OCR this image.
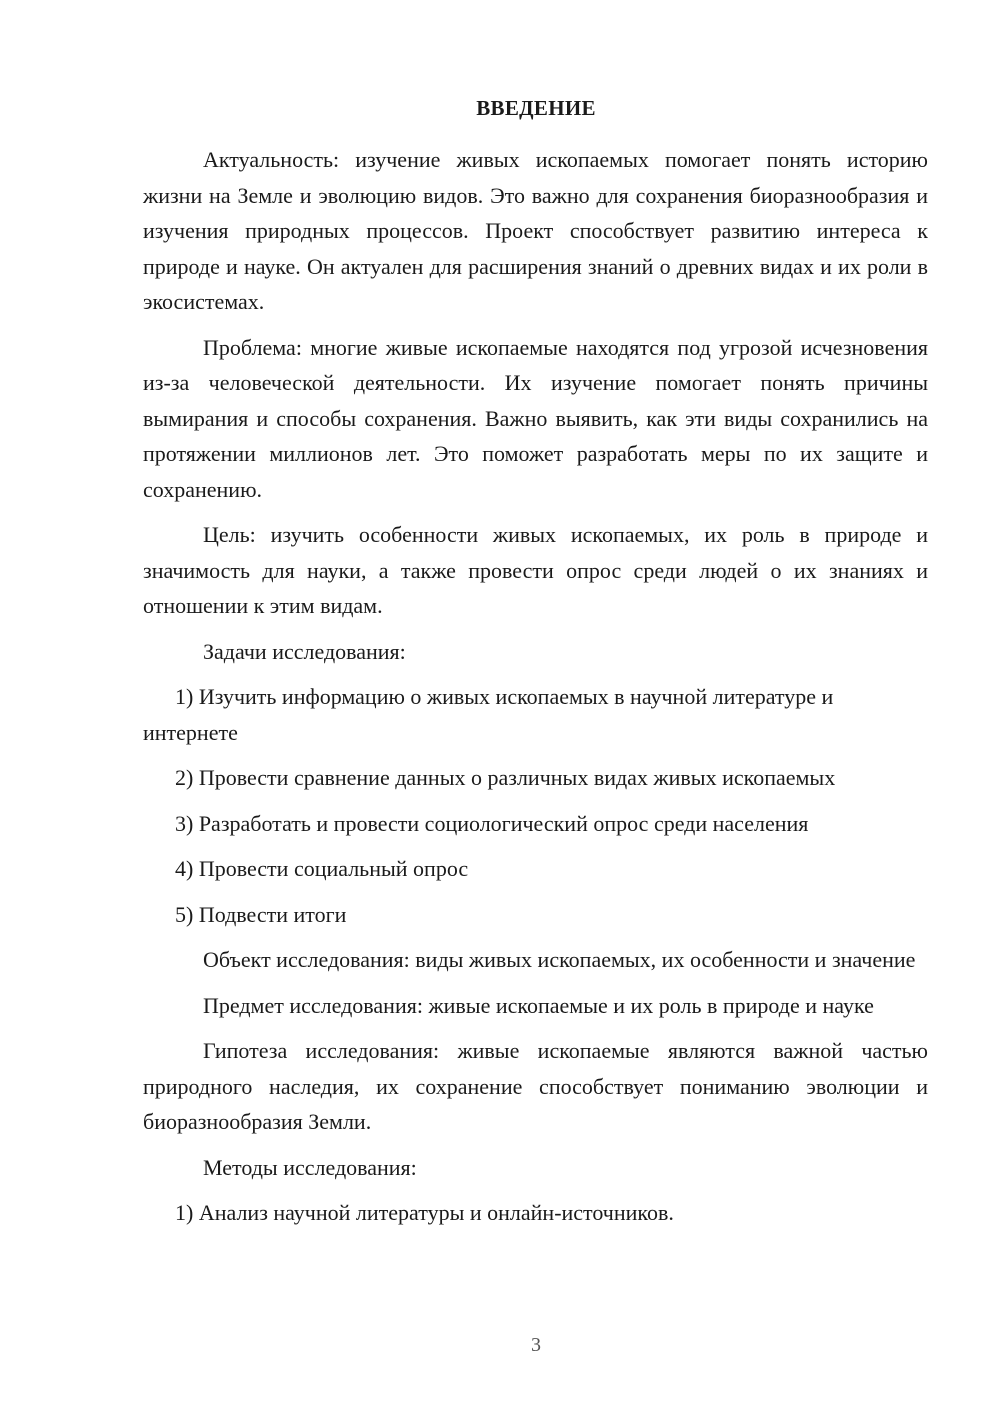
ВВЕДЕНИЕ

Актуальность: изучение живых ископаемых помогает понять историю жизни на Земле и эволюцию видов. Это важно для сохранения биоразнообразия и изучения природных процессов. Проект способствует развитию интереса к природе и науке. Он актуален для расширения знаний о древних видах и их роли в экосистемах.

Проблема: многие живые ископаемые находятся под угрозой исчезновения из-за человеческой деятельности. Их изучение помогает понять причины вымирания и способы сохранения. Важно выявить, как эти виды сохранились на протяжении миллионов лет. Это поможет разработать меры по их защите и сохранению.

Цель: изучить особенности живых ископаемых, их роль в природе и значимость для науки, а также провести опрос среди людей о их знаниях и отношении к этим видам.

Задачи исследования:

1) Изучить информацию о живых ископаемых в научной литературе и интернете

2) Провести сравнение данных о различных видах живых ископаемых

3) Разработать и провести социологический опрос среди населения

4) Провести социальный опрос

5) Подвести итоги

Объект исследования: виды живых ископаемых, их особенности и значение

Предмет исследования: живые ископаемые и их роль в природе и науке

Гипотеза исследования: живые ископаемые являются важной частью природного наследия, их сохранение способствует пониманию эволюции и биоразнообразия Земли.

Методы исследования:

1) Анализ научной литературы и онлайн-источников.

3
